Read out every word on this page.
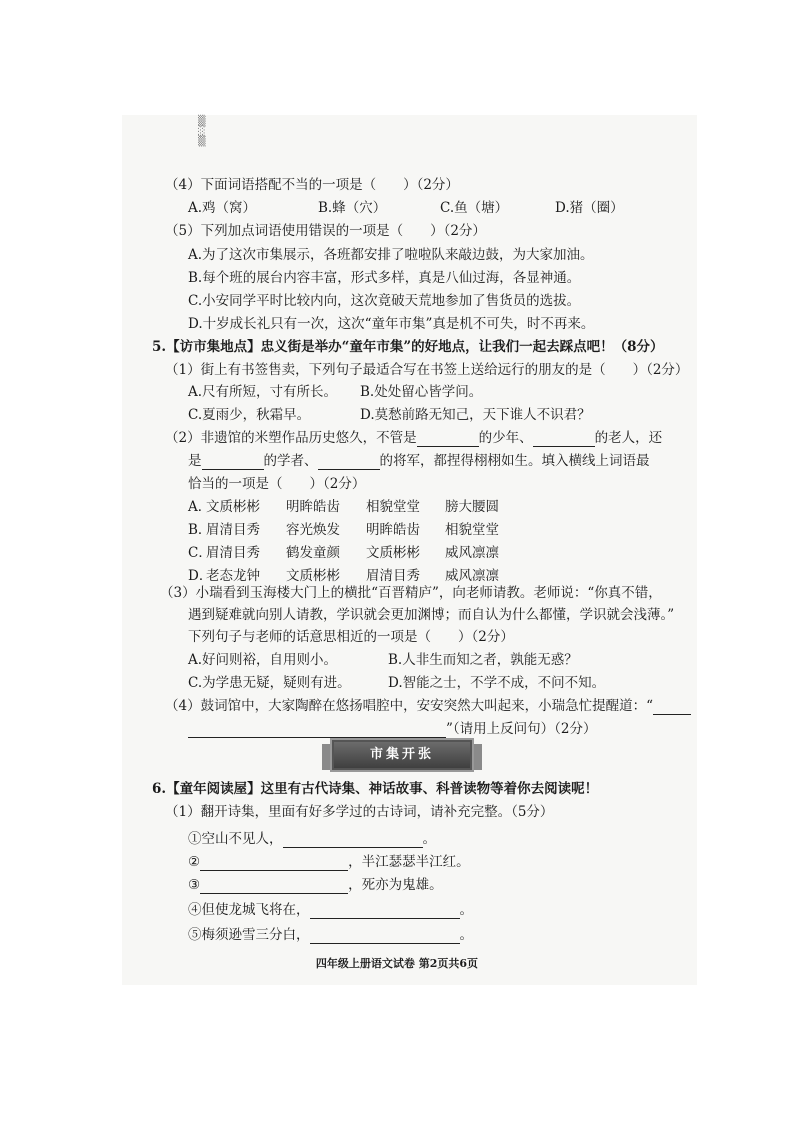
▒
░
▒
（4）下面词语搭配不当的一项是（　　）（2分）
A.鸡（窝）	B.蜂（穴）	C.鱼（塘）	D.猪（圈）
（5）下列加点词语使用错误的一项是（　　）（2分）
A.为了这次市集展示，各班都安排了啦啦队来敲边鼓，为大家加油。
B.每个班的展台内容丰富，形式多样，真是八仙过海，各显神通。
C.小安同学平时比较内向，这次竟破天荒地参加了售货员的选拔。
D.十岁成长礼只有一次，这次“童年市集”真是机不可失，时不再来。
5.【访市集地点】忠义街是举办“童年市集”的好地点，让我们一起去踩点吧！（8分）
（1）街上有书签售卖，下列句子最适合写在书签上送给远行的朋友的是（　　）（2分）
A.尺有所短，寸有所长。 B.处处留心皆学问。
C.夏雨少，秋霜早。	D.莫愁前路无知己，天下谁人不识君？
（2）非遗馆的米塑作品历史悠久，不管是	的少年、	的老人，还
是	的学者、	的将军，都捏得栩栩如生。填入横线上词语最
恰当的一项是（　　）（2分）
A．
文质彬彬 明眸皓齿 相貌堂堂 膀大腰圆
B．
眉清目秀 容光焕发 明眸皓齿 相貌堂堂
C．
眉清目秀 鹤发童颜 文质彬彬 威风凛凛
D．
老态龙钟 文质彬彬 眉清目秀 威风凛凛
（3）小瑞看到玉海楼大门上的横批“百晋精庐”，向老师请教。老师说：“你真不错，
遇到疑难就向别人请教，学识就会更加渊博；而自认为什么都懂，学识就会浅薄。”
下列句子与老师的话意思相近的一项是（　　）（2分）
A.好问则裕，自用则小。	B.人非生而知之者，孰能无惑？
C.为学患无疑，疑则有进。	D.智能之士，不学不成，不问不知。
（4）鼓词馆中，大家陶醉在悠扬唱腔中，安安突然大叫起来，小瑞急忙提醒道：“
”（请用上反问句）（2分）
市集开张
6.【童年阅读屋】这里有古代诗集、神话故事、科普读物等着你去阅读呢！
（1）翻开诗集，里面有好多学过的古诗词，请补充完整。（5分）
①空山不见人，	。
②	，半江瑟瑟半江红。
③	，死亦为鬼雄。
④但使龙城飞将在，	。
⑤梅须逊雪三分白，	。
四年级上册语文试卷 第2页共6页
